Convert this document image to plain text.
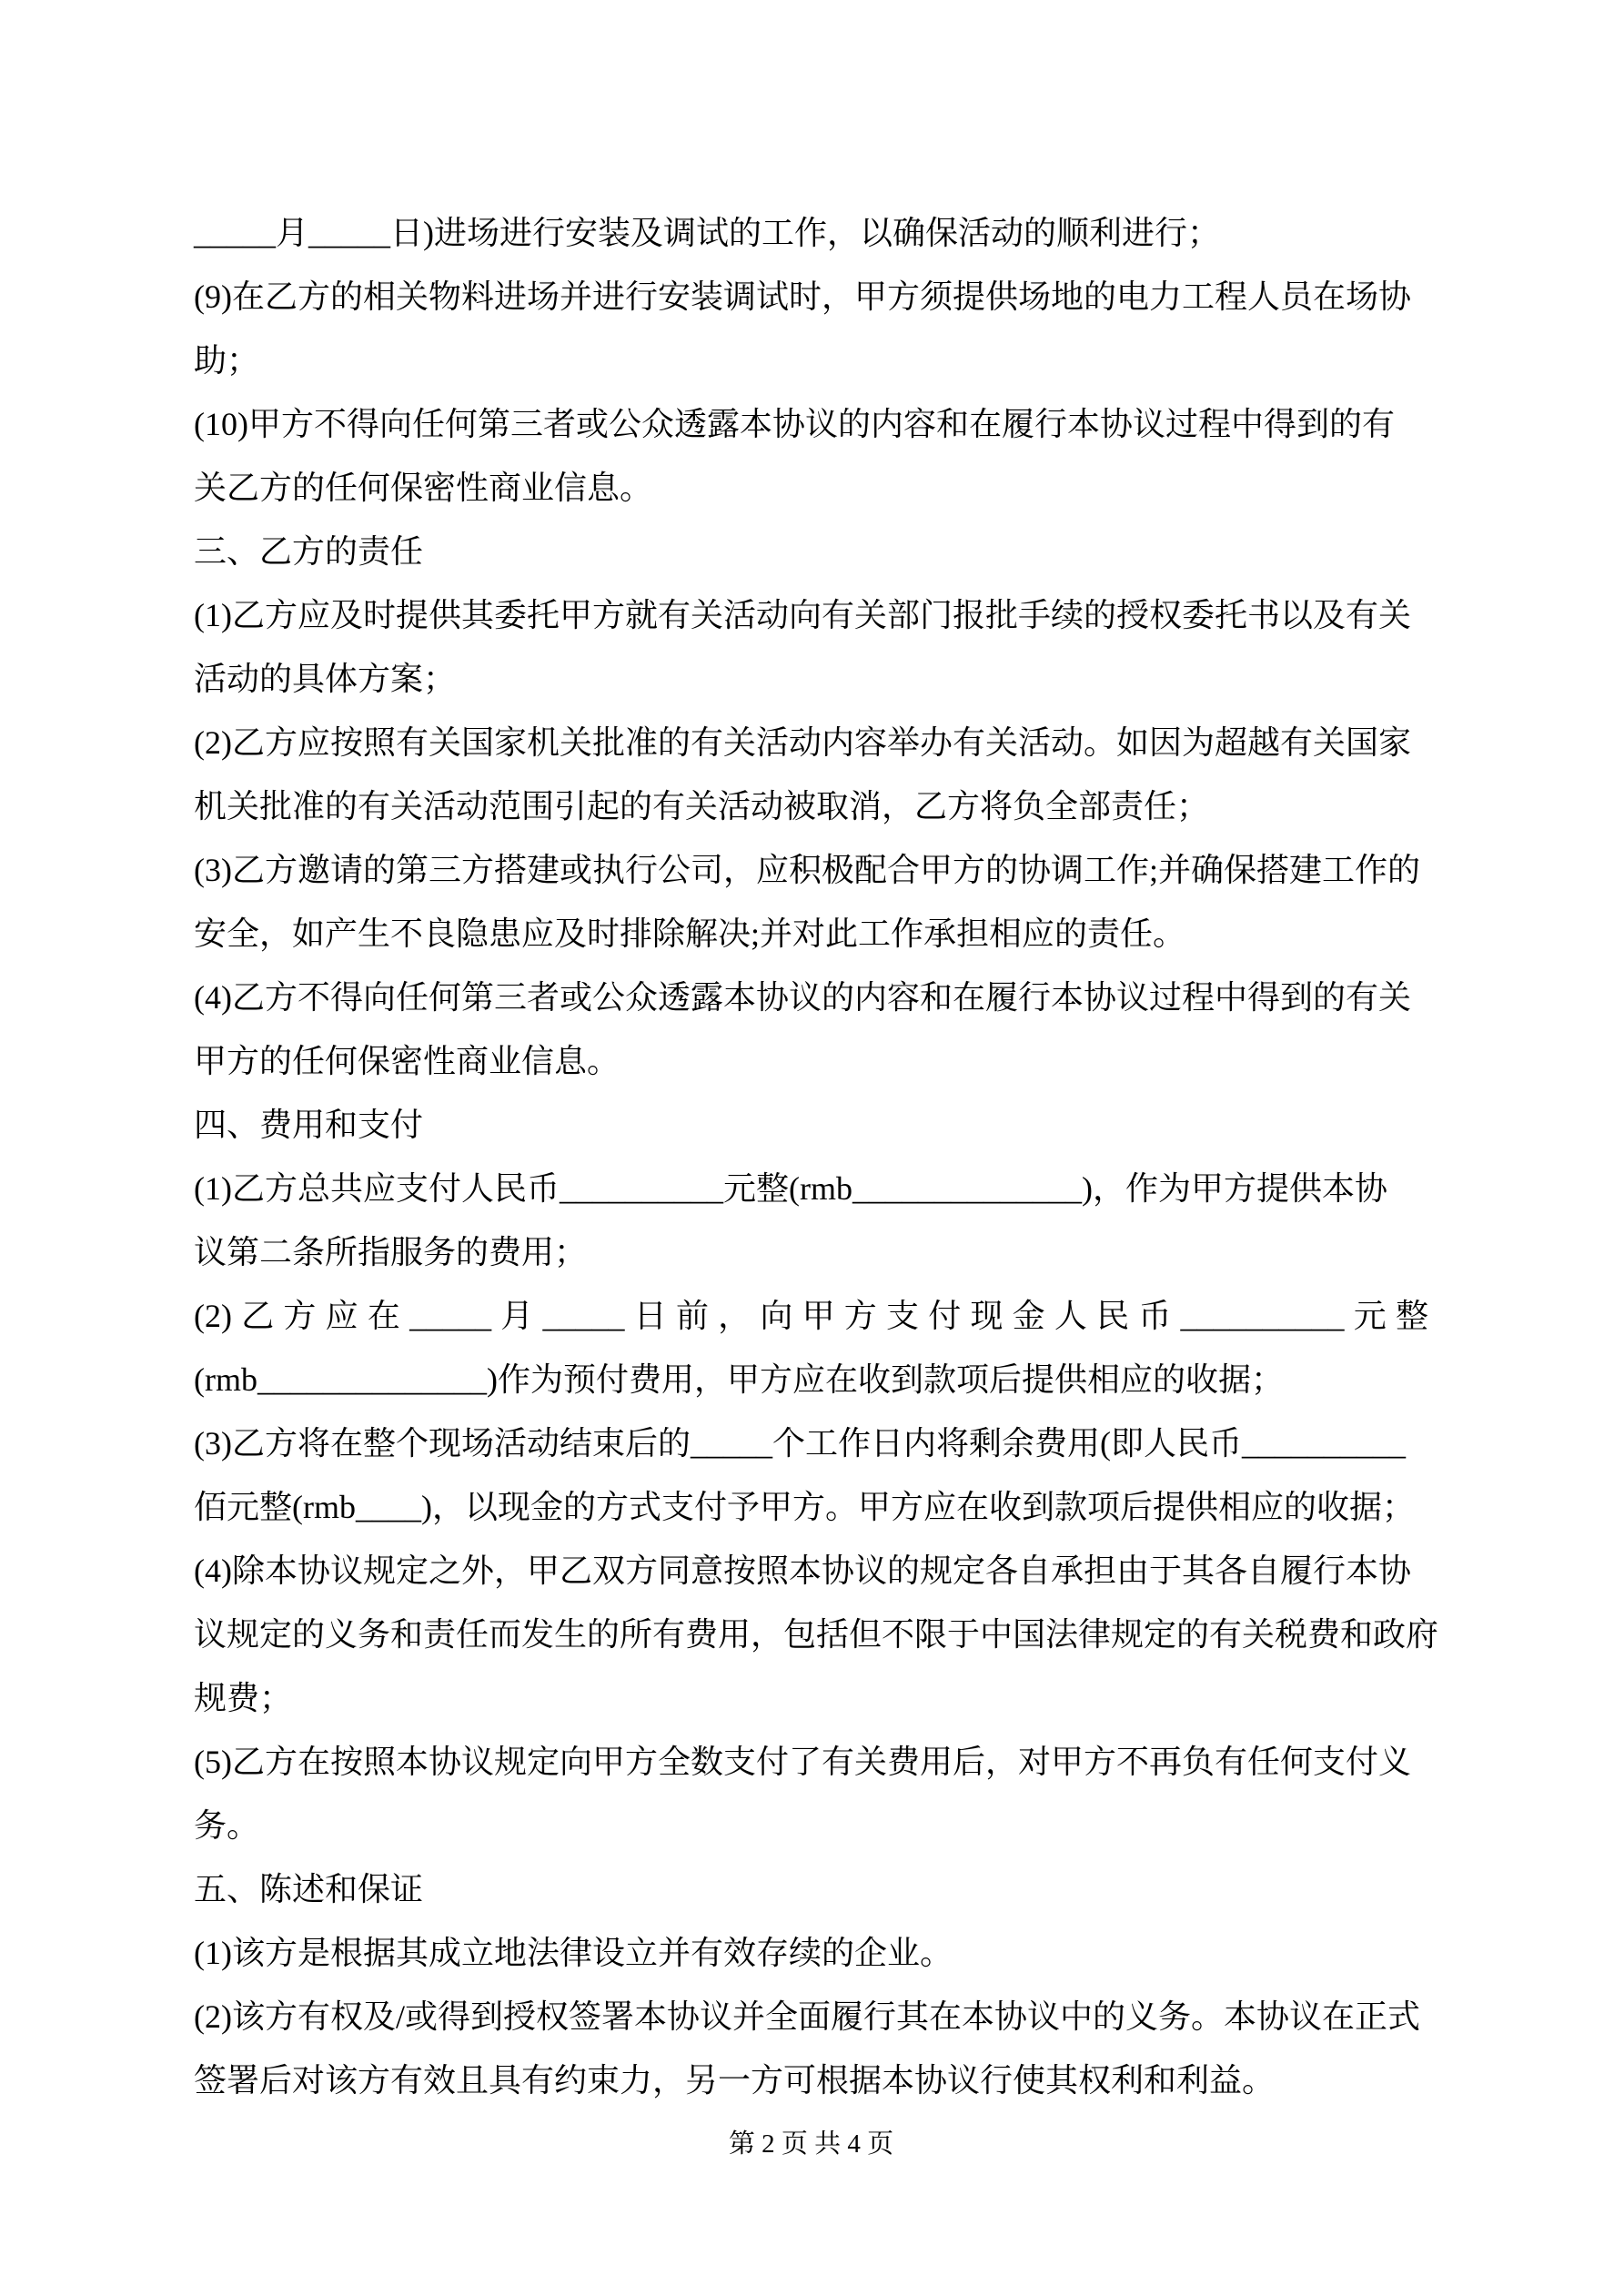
_____月_____日)进场进行安装及调试的工作，以确保活动的顺利进行；
(9)在乙方的相关物料进场并进行安装调试时，甲方须提供场地的电力工程人员在场协
助；
(10)甲方不得向任何第三者或公众透露本协议的内容和在履行本协议过程中得到的有
关乙方的任何保密性商业信息。
三、乙方的责任
(1)乙方应及时提供其委托甲方就有关活动向有关部门报批手续的授权委托书以及有关
活动的具体方案；
(2)乙方应按照有关国家机关批准的有关活动内容举办有关活动。如因为超越有关国家
机关批准的有关活动范围引起的有关活动被取消，乙方将负全部责任；
(3)乙方邀请的第三方搭建或执行公司，应积极配合甲方的协调工作;并确保搭建工作的
安全，如产生不良隐患应及时排除解决;并对此工作承担相应的责任。
(4)乙方不得向任何第三者或公众透露本协议的内容和在履行本协议过程中得到的有关
甲方的任何保密性商业信息。
四、费用和支付
(1)乙方总共应支付人民币__________元整(rmb______________)，作为甲方提供本协
议第二条所指服务的费用；
(2)乙方应在_____月_____日前，向甲方支付现金人民币__________元整
(rmb______________)作为预付费用，甲方应在收到款项后提供相应的收据；
(3)乙方将在整个现场活动结束后的_____个工作日内将剩余费用(即人民币__________
佰元整(rmb____)，以现金的方式支付予甲方。甲方应在收到款项后提供相应的收据；
(4)除本协议规定之外，甲乙双方同意按照本协议的规定各自承担由于其各自履行本协
议规定的义务和责任而发生的所有费用，包括但不限于中国法律规定的有关税费和政府
规费；
(5)乙方在按照本协议规定向甲方全数支付了有关费用后，对甲方不再负有任何支付义
务。
五、陈述和保证
(1)该方是根据其成立地法律设立并有效存续的企业。
(2)该方有权及/或得到授权签署本协议并全面履行其在本协议中的义务。本协议在正式
签署后对该方有效且具有约束力，另一方可根据本协议行使其权利和利益。
第 2 页 共 4 页
